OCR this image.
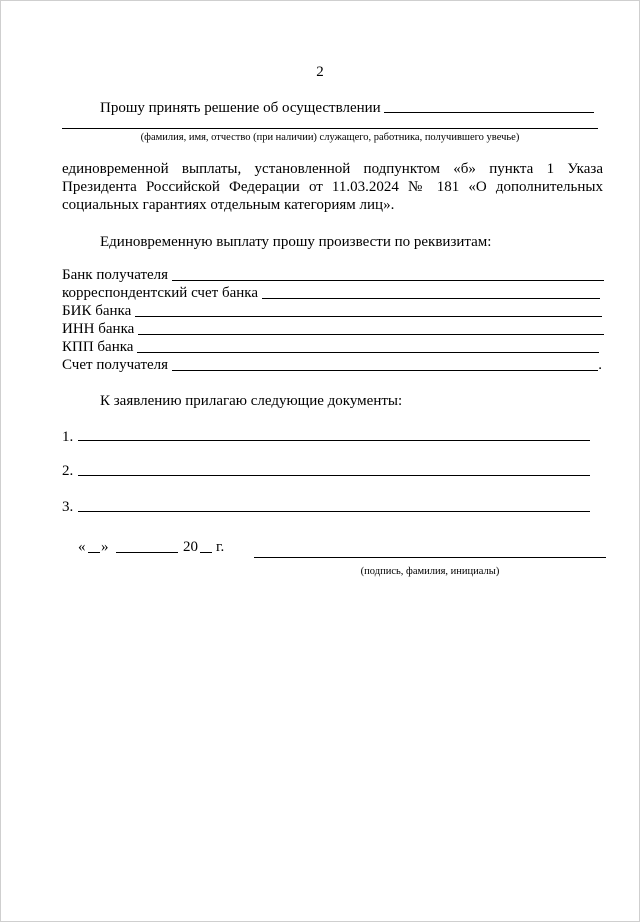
2
Прошу принять решение об осуществлении
(фамилия, имя, отчество (при наличии) служащего, работника, получившего увечье)
единовременной выплаты, установленной подпунктом «б» пункта 1 Указа
Президента Российской Федерации от 11.03.2024 № 181 «О дополнительных
социальных гарантиях отдельным категориям лиц».
Единовременную выплату прошу произвести по реквизитам:
Банк получателя
корреспондентский счет банка
БИК банка
ИНН банка
КПП банка
Счет получателя	.
К заявлению прилагаю следующие документы:
1.
2.
3.
« »	20 г.
(подпись, фамилия, инициалы)
